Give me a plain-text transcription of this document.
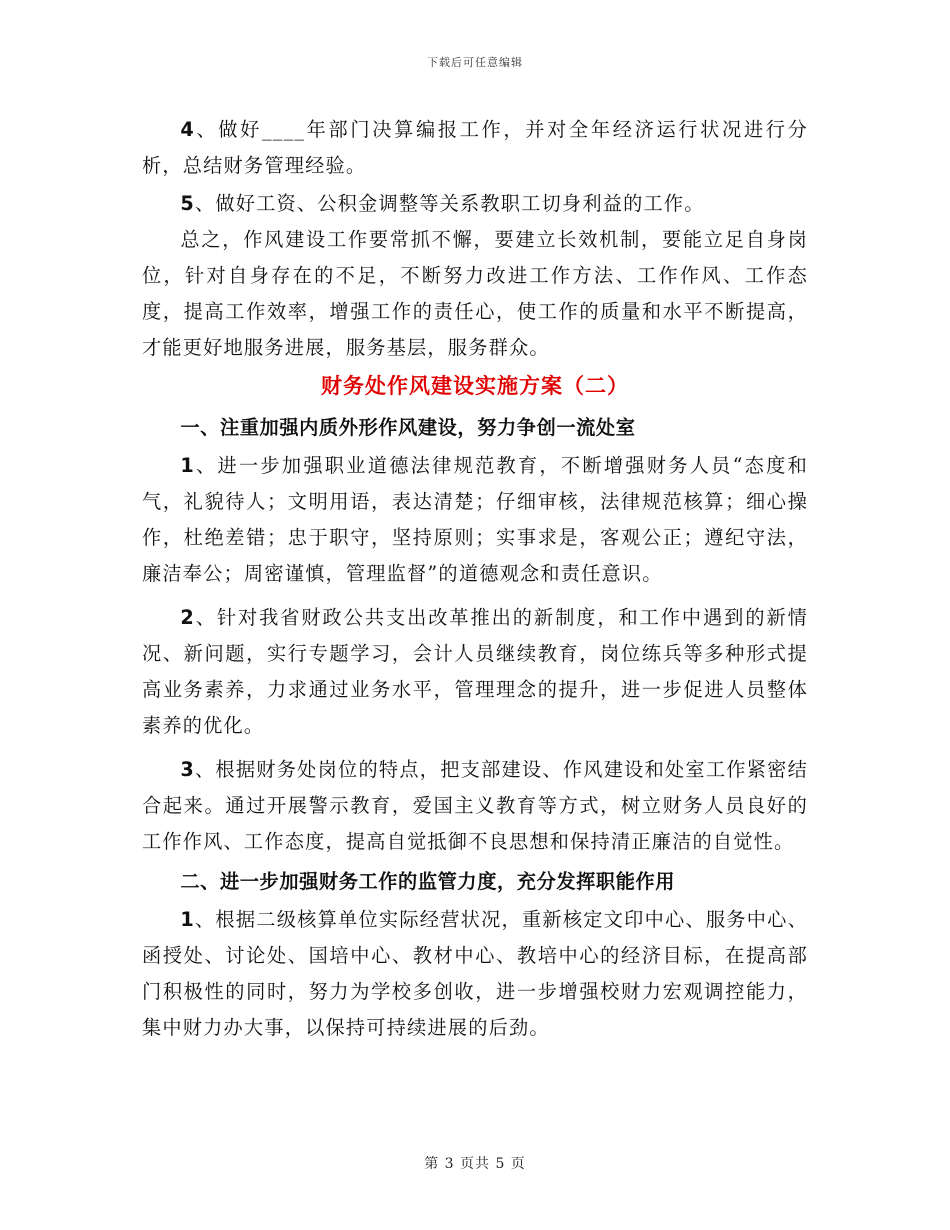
下载后可任意编辑

4、做好____年部门决算编报工作，并对全年经济运行状况进行分析，总结财务管理经验。

5、做好工资、公积金调整等关系教职工切身利益的工作。

总之，作风建设工作要常抓不懈，要建立长效机制，要能立足自身岗位，针对自身存在的不足，不断努力改进工作方法、工作作风、工作态度，提高工作效率，增强工作的责任心，使工作的质量和水平不断提高，才能更好地服务进展，服务基层，服务群众。

财务处作风建设实施方案（二）
一、注重加强内质外形作风建设，努力争创一流处室

1、进一步加强职业道德法律规范教育，不断增强财务人员“态度和气，礼貌待人；文明用语，表达清楚；仔细审核，法律规范核算；细心操作，杜绝差错；忠于职守，坚持原则；实事求是，客观公正；遵纪守法，廉洁奉公；周密谨慎，管理监督”的道德观念和责任意识。

2、针对我省财政公共支出改革推出的新制度，和工作中遇到的新情况、新问题，实行专题学习，会计人员继续教育，岗位练兵等多种形式提高业务素养，力求通过业务水平，管理理念的提升，进一步促进人员整体素养的优化。

3、根据财务处岗位的特点，把支部建设、作风建设和处室工作紧密结合起来。通过开展警示教育，爱国主义教育等方式，树立财务人员良好的工作作风、工作态度，提高自觉抵御不良思想和保持清正廉洁的自觉性。

二、进一步加强财务工作的监管力度，充分发挥职能作用

1、根据二级核算单位实际经营状况，重新核定文印中心、服务中心、函授处、讨论处、国培中心、教材中心、教培中心的经济目标，在提高部门积极性的同时，努力为学校多创收，进一步增强校财力宏观调控能力，集中财力办大事，以保持可持续进展的后劲。

第 3 页共 5 页
